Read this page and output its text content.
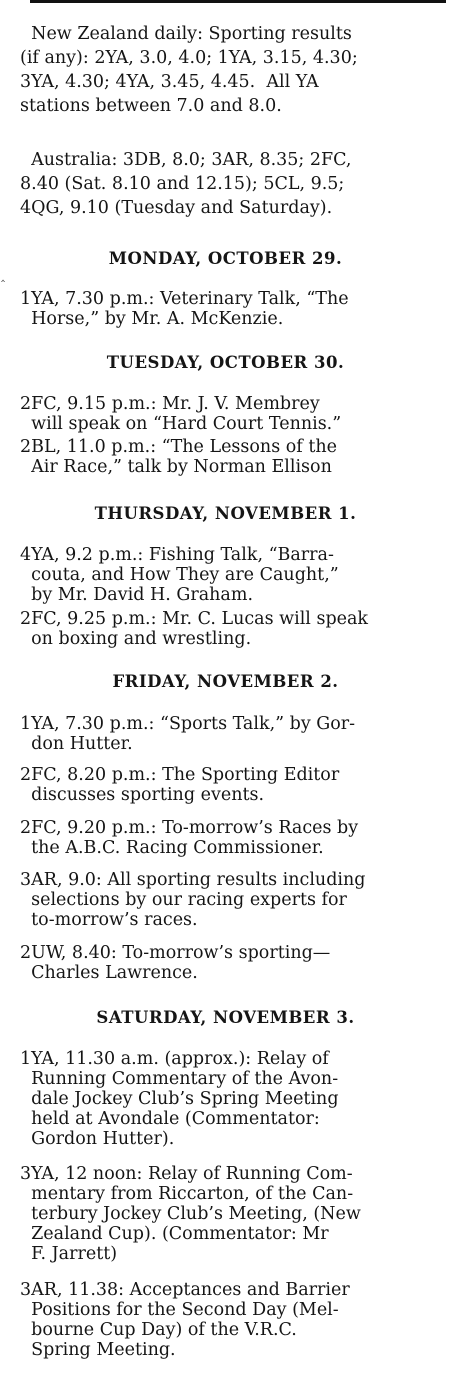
‸
New Zealand daily: Sporting results
(if any): 2YA, 3.0, 4.0; 1YA, 3.15, 4.30;
3YA, 4.30; 4YA, 3.45, 4.45.  All YA
stations between 7.0 and 8.0.
Australia: 3DB, 8.0; 3AR, 8.35; 2FC,
8.40 (Sat. 8.10 and 12.15); 5CL, 9.5;
4QG, 9.10 (Tuesday and Saturday).
MONDAY, OCTOBER 29.
1YA, 7.30 p.m.: Veterinary Talk, “The
Horse,” by Mr. A. McKenzie.
TUESDAY, OCTOBER 30.
2FC, 9.15 p.m.: Mr. J. V. Membrey
will speak on “Hard Court Tennis.”
2BL, 11.0 p.m.: “The Lessons of the
Air Race,” talk by Norman Ellison
THURSDAY, NOVEMBER 1.
4YA, 9.2 p.m.: Fishing Talk, “Barra-
couta, and How They are Caught,”
by Mr. David H. Graham.
2FC, 9.25 p.m.: Mr. C. Lucas will speak
on boxing and wrestling.
FRIDAY, NOVEMBER 2.
1YA, 7.30 p.m.: “Sports Talk,” by Gor-
don Hutter.
2FC, 8.20 p.m.: The Sporting Editor
discusses sporting events.
2FC, 9.20 p.m.: To-morrow’s Races by
the A.B.C. Racing Commissioner.
3AR, 9.0: All sporting results including
selections by our racing experts for
to-morrow’s races.
2UW, 8.40: To-morrow’s sporting—
Charles Lawrence.
SATURDAY, NOVEMBER 3.
1YA, 11.30 a.m. (approx.): Relay of
Running Commentary of the Avon-
dale Jockey Club’s Spring Meeting
held at Avondale (Commentator:
Gordon Hutter).
3YA, 12 noon: Relay of Running Com-
mentary from Riccarton, of the Can-
terbury Jockey Club’s Meeting, (New
Zealand Cup). (Commentator: Mr
F. Jarrett)
3AR, 11.38: Acceptances and Barrier
Positions for the Second Day (Mel-
bourne Cup Day) of the V.R.C.
Spring Meeting.
